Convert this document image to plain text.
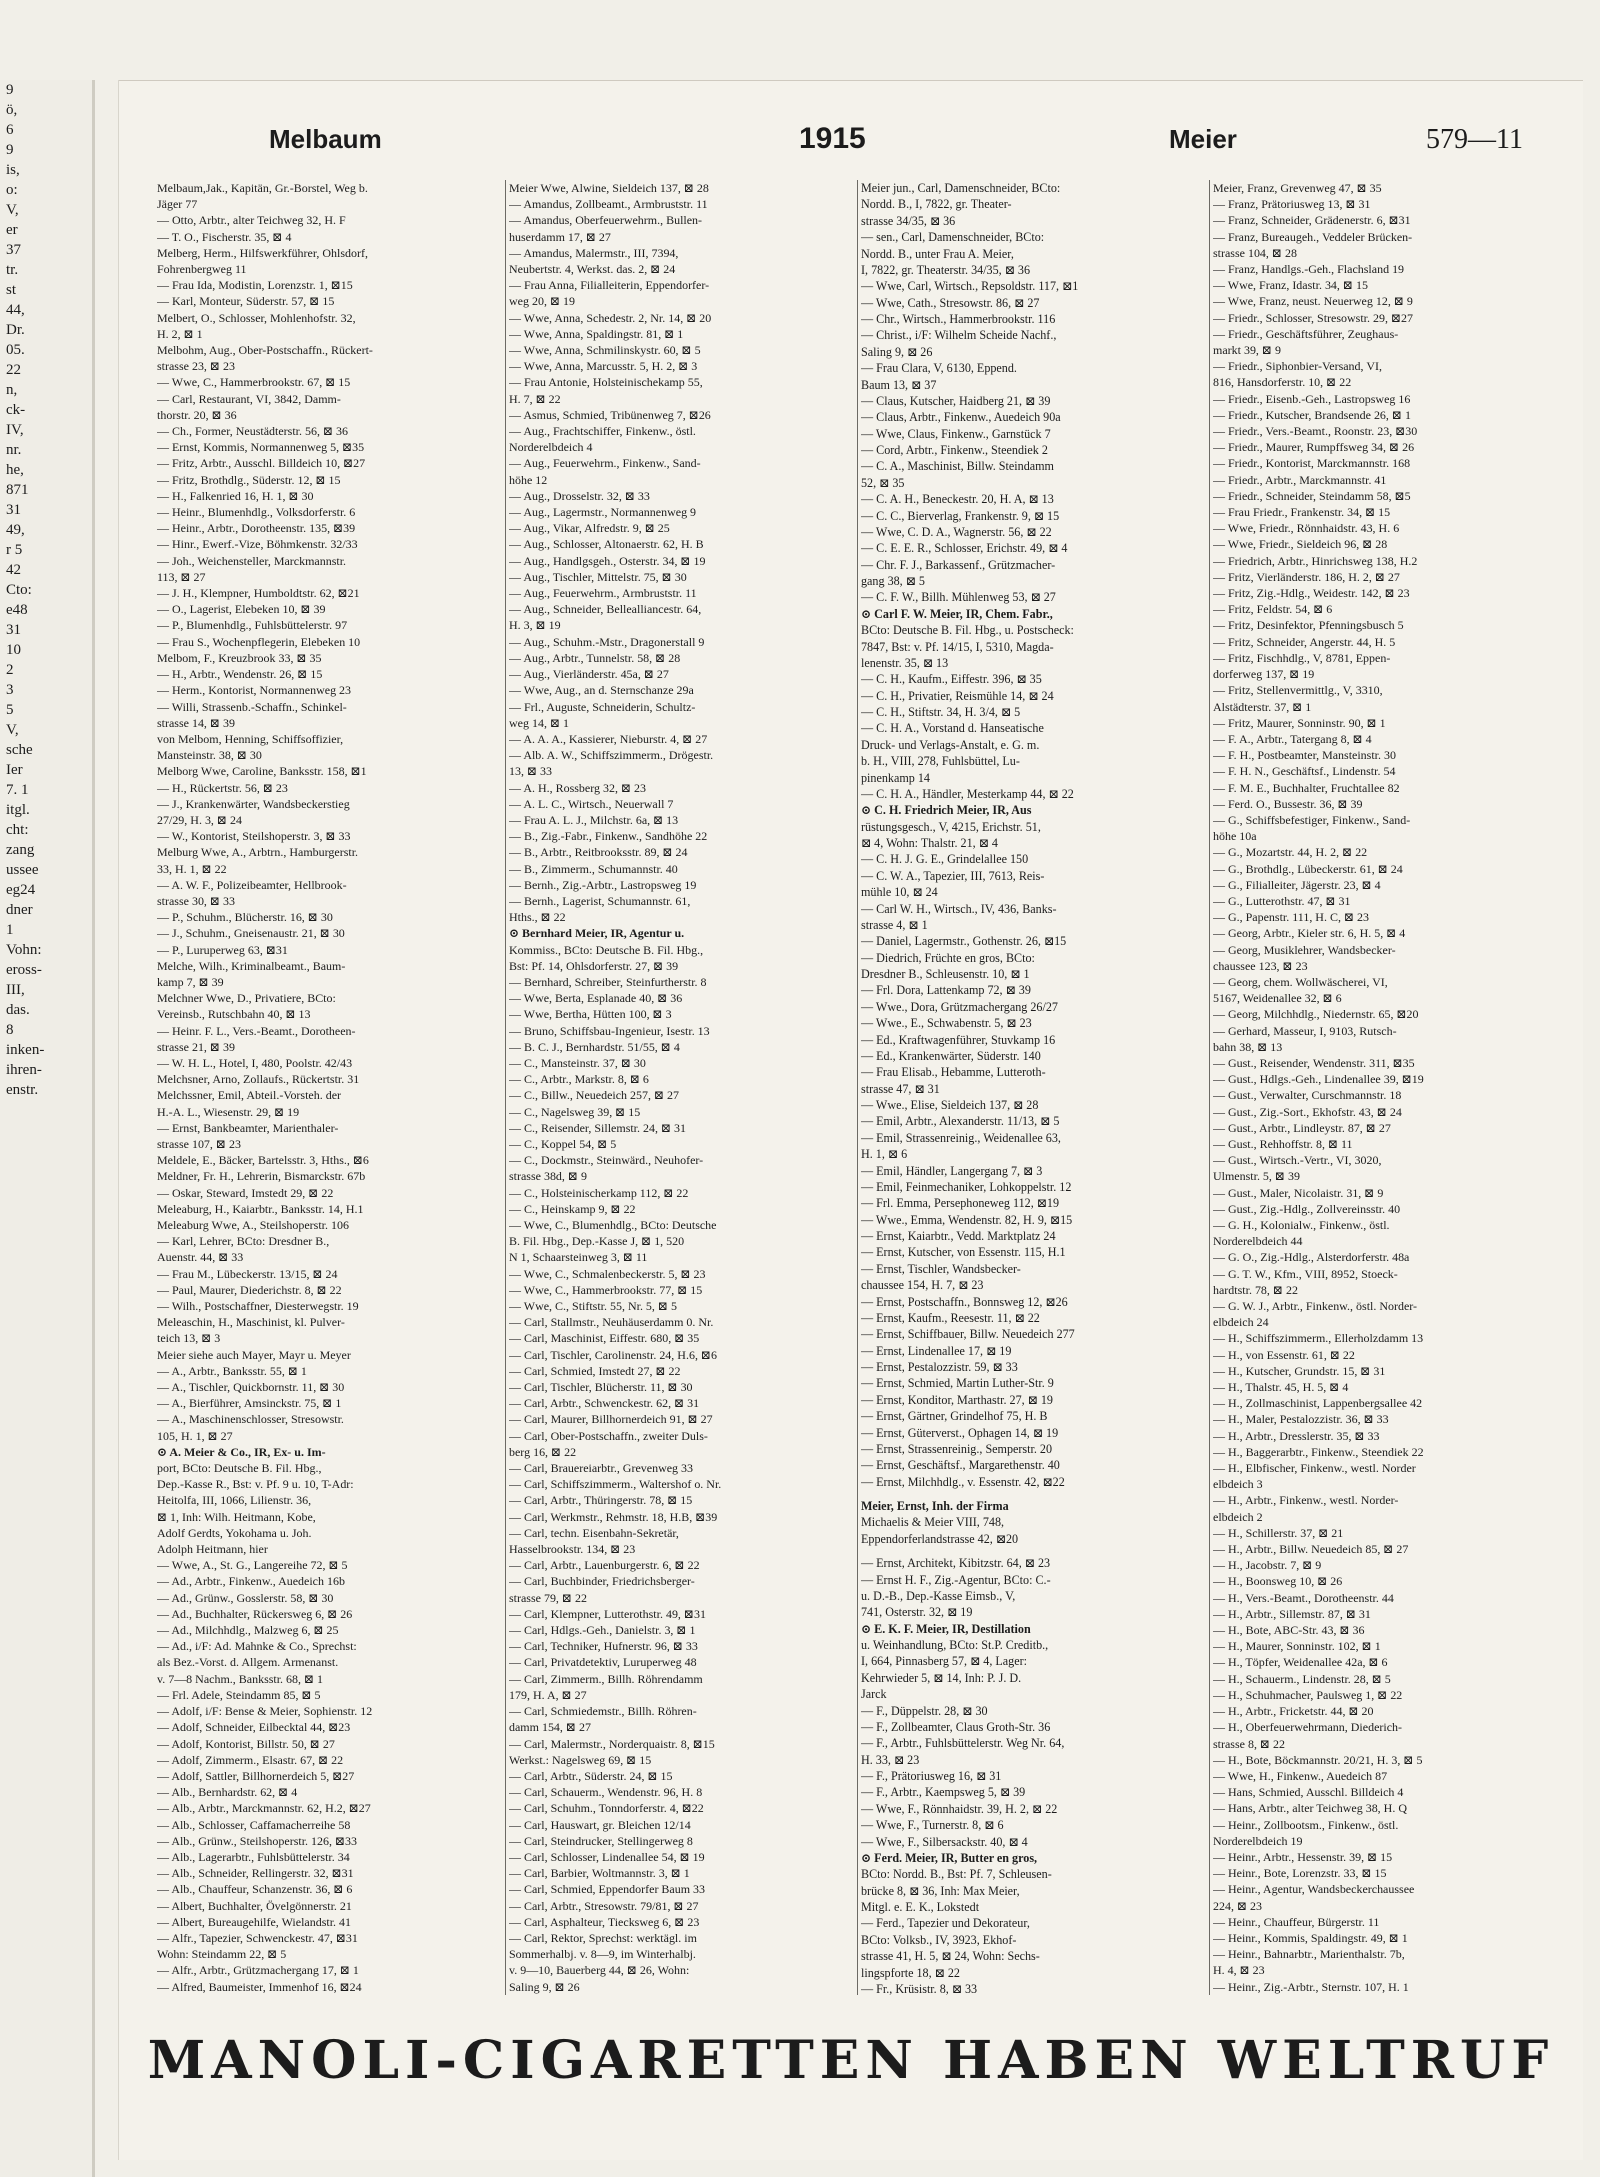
9
ö,
6
9
is,
o:
V,
er
37
tr.
st
44,
Dr.
05.
22
n,
ck-
IV,
nr.
he,
871
31
49,
r 5
42
Cto:
e48
31
10
2
3
5
V,
sche
Ier
7. 1
itgl.
cht:
zang
ussee
eg24
dner
1
Vohn:
eross-
III,
das.
8
inken-
ihren-
enstr.
Melbaum	1915	Meier	579—11
Melbaum,Jak., Kapitän, Gr.-Borstel, Weg b.
Jäger 77
— Otto, Arbtr., alter Teichweg 32, H. F
— T. O., Fischerstr. 35, ⊠ 4
Melberg, Herm., Hilfswerkführer, Ohlsdorf,
Fohrenbergweg 11
— Frau Ida, Modistin, Lorenzstr. 1, ⊠15
— Karl, Monteur, Süderstr. 57, ⊠ 15
Melbert, O., Schlosser, Mohlenhofstr. 32,
H. 2, ⊠ 1
Melbohm, Aug., Ober-Postschaffn., Rückert-
strasse 23, ⊠ 23
— Wwe, C., Hammerbrookstr. 67, ⊠ 15
— Carl, Restaurant, VI, 3842, Damm-
thorstr. 20, ⊠ 36
— Ch., Former, Neustädterstr. 56, ⊠ 36
— Ernst, Kommis, Normannenweg 5, ⊠35
— Fritz, Arbtr., Ausschl. Billdeich 10, ⊠27
— Fritz, Brothdlg., Süderstr. 12, ⊠ 15
— H., Falkenried 16, H. 1, ⊠ 30
— Heinr., Blumenhdlg., Volksdorferstr. 6
— Heinr., Arbtr., Dorotheenstr. 135, ⊠39
— Hinr., Ewerf.-Vize, Böhmkenstr. 32/33
— Joh., Weichensteller, Marckmannstr.
113, ⊠ 27
— J. H., Klempner, Humboldtstr. 62, ⊠21
— O., Lagerist, Elebeken 10, ⊠ 39
— P., Blumenhdlg., Fuhlsbüttelerstr. 97
— Frau S., Wochenpflegerin, Elebeken 10
Melbom, F., Kreuzbrook 33, ⊠ 35
— H., Arbtr., Wendenstr. 26, ⊠ 15
— Herm., Kontorist, Normannenweg 23
— Willi, Strassenb.-Schaffn., Schinkel-
strasse 14, ⊠ 39
von Melbom, Henning, Schiffsoffizier,
Mansteinstr. 38, ⊠ 30
Melborg Wwe, Caroline, Banksstr. 158, ⊠1
— H., Rückertstr. 56, ⊠ 23
— J., Krankenwärter, Wandsbeckerstieg
27/29, H. 3, ⊠ 24
— W., Kontorist, Steilshoperstr. 3, ⊠ 33
Melburg Wwe, A., Arbtrn., Hamburgerstr.
33, H. 1, ⊠ 22
— A. W. F., Polizeibeamter, Hellbrook-
strasse 30, ⊠ 33
— P., Schuhm., Blücherstr. 16, ⊠ 30
— J., Schuhm., Gneisenaustr. 21, ⊠ 30
— P., Luruperweg 63, ⊠31
Melche, Wilh., Kriminalbeamt., Baum-
kamp 7, ⊠ 39
Melchner Wwe, D., Privatiere, BCto:
Vereinsb., Rutschbahn 40, ⊠ 13
— Heinr. F. L., Vers.-Beamt., Dorotheen-
strasse 21, ⊠ 39
— W. H. L., Hotel, I, 480, Poolstr. 42/43
Melchsner, Arno, Zollaufs., Rückertstr. 31
Melchssner, Emil, Abteil.-Vorsteh. der
H.-A. L., Wiesenstr. 29, ⊠ 19
— Ernst, Bankbeamter, Marienthaler-
strasse 107, ⊠ 23
Meldele, E., Bäcker, Bartelsstr. 3, Hths., ⊠6
Meldner, Fr. H., Lehrerin, Bismarckstr. 67b
— Oskar, Steward, Imstedt 29, ⊠ 22
Meleaburg, H., Kaiarbtr., Banksstr. 14, H.1
Meleaburg Wwe, A., Steilshoperstr. 106
— Karl, Lehrer, BCto: Dresdner B.,
Auenstr. 44, ⊠ 33
— Frau M., Lübeckerstr. 13/15, ⊠ 24
— Paul, Maurer, Diederichstr. 8, ⊠ 22
— Wilh., Postschaffner, Diesterwegstr. 19
Meleaschin, H., Maschinist, kl. Pulver-
teich 13, ⊠ 3
Meier siehe auch Mayer, Mayr u. Meyer
— A., Arbtr., Banksstr. 55, ⊠ 1
— A., Tischler, Quickbornstr. 11, ⊠ 30
— A., Bierführer, Amsinckstr. 75, ⊠ 1
— A., Maschinenschlosser, Stresowstr.
105, H. 1, ⊠ 27
⊙ A. Meier & Co., IR, Ex- u. Im-
port, BCto: Deutsche B. Fil. Hbg.,
Dep.-Kasse R., Bst: v. Pf. 9 u. 10, T-Adr:
Heitolfa, III, 1066, Lilienstr. 36,
⊠ 1, Inh: Wilh. Heitmann, Kobe,
Adolf Gerdts, Yokohama u. Joh.
Adolph Heitmann, hier
— Wwe, A., St. G., Langereihe 72, ⊠ 5
— Ad., Arbtr., Finkenw., Auedeich 16b
— Ad., Grünw., Gosslerstr. 58, ⊠ 30
— Ad., Buchhalter, Rückersweg 6, ⊠ 26
— Ad., Milchhdlg., Malzweg 6, ⊠ 25
— Ad., i/F: Ad. Mahnke & Co., Sprechst:
als Bez.-Vorst. d. Allgem. Armenanst.
v. 7—8 Nachm., Banksstr. 68, ⊠ 1
— Frl. Adele, Steindamm 85, ⊠ 5
— Adolf, i/F: Bense & Meier, Sophienstr. 12
— Adolf, Schneider, Eilbecktal 44, ⊠23
— Adolf, Kontorist, Billstr. 50, ⊠ 27
— Adolf, Zimmerm., Elsastr. 67, ⊠ 22
— Adolf, Sattler, Billhornerdeich 5, ⊠27
— Alb., Bernhardstr. 62, ⊠ 4
— Alb., Arbtr., Marckmannstr. 62, H.2, ⊠27
— Alb., Schlosser, Caffamacherreihe 58
— Alb., Grünw., Steilshoperstr. 126, ⊠33
— Alb., Lagerarbtr., Fuhlsbüttelerstr. 34
— Alb., Schneider, Rellingerstr. 32, ⊠31
— Alb., Chauffeur, Schanzenstr. 36, ⊠ 6
— Albert, Buchhalter, Övelgönnerstr. 21
— Albert, Bureaugehilfe, Wielandstr. 41
— Alfr., Tapezier, Schwenckestr. 47, ⊠31
Wohn: Steindamm 22, ⊠ 5
— Alfr., Arbtr., Grützmachergang 17, ⊠ 1
— Alfred, Baumeister, Immenhof 16, ⊠24
Meier Wwe, Alwine, Sieldeich 137, ⊠ 28
— Amandus, Zollbeamt., Armbruststr. 11
— Amandus, Oberfeuerwehrm., Bullen-
huserdamm 17, ⊠ 27
— Amandus, Malermstr., III, 7394,
Neubertstr. 4, Werkst. das. 2, ⊠ 24
— Frau Anna, Filialleiterin, Eppendorfer-
weg 20, ⊠ 19
— Wwe, Anna, Schedestr. 2, Nr. 14, ⊠ 20
— Wwe, Anna, Spaldingstr. 81, ⊠ 1
— Wwe, Anna, Schmilinskystr. 60, ⊠ 5
— Wwe, Anna, Marcusstr. 5, H. 2, ⊠ 3
— Frau Antonie, Holsteinischekamp 55,
H. 7, ⊠ 22
— Asmus, Schmied, Tribünenweg 7, ⊠26
— Aug., Frachtschiffer, Finkenw., östl.
Norderelbdeich 4
— Aug., Feuerwehrm., Finkenw., Sand-
höhe 12
— Aug., Drosselstr. 32, ⊠ 33
— Aug., Lagermstr., Normannenweg 9
— Aug., Vikar, Alfredstr. 9, ⊠ 25
— Aug., Schlosser, Altonaerstr. 62, H. B
— Aug., Handlgsgeh., Osterstr. 34, ⊠ 19
— Aug., Tischler, Mittelstr. 75, ⊠ 30
— Aug., Feuerwehrm., Armbruststr. 11
— Aug., Schneider, Bellealliancestr. 64,
H. 3, ⊠ 19
— Aug., Schuhm.-Mstr., Dragonerstall 9
— Aug., Arbtr., Tunnelstr. 58, ⊠ 28
— Aug., Vierländerstr. 45a, ⊠ 27
— Wwe, Aug., an d. Sternschanze 29a
— Frl., Auguste, Schneiderin, Schultz-
weg 14, ⊠ 1
— A. A. A., Kassierer, Nieburstr. 4, ⊠ 27
— Alb. A. W., Schiffszimmerm., Drögestr.
13, ⊠ 33
— A. H., Rossberg 32, ⊠ 23
— A. L. C., Wirtsch., Neuerwall 7
— Frau A. L. J., Milchstr. 6a, ⊠ 13
— B., Zig.-Fabr., Finkenw., Sandhöhe 22
— B., Arbtr., Reitbrooksstr. 89, ⊠ 24
— B., Zimmerm., Schumannstr. 40
— Bernh., Zig.-Arbtr., Lastropsweg 19
— Bernh., Lagerist, Schumannstr. 61,
Hths., ⊠ 22
⊙ Bernhard Meier, IR, Agentur u.
Kommiss., BCto: Deutsche B. Fil. Hbg.,
Bst: Pf. 14, Ohlsdorferstr. 27, ⊠ 39
— Bernhard, Schreiber, Steinfurtherstr. 8
— Wwe, Berta, Esplanade 40, ⊠ 36
— Wwe, Bertha, Hütten 100, ⊠ 3
— Bruno, Schiffsbau-Ingenieur, Isestr. 13
— B. C. J., Bernhardstr. 51/55, ⊠ 4
— C., Mansteinstr. 37, ⊠ 30
— C., Arbtr., Markstr. 8, ⊠ 6
— C., Billw., Neuedeich 257, ⊠ 27
— C., Nagelsweg 39, ⊠ 15
— C., Reisender, Sillemstr. 24, ⊠ 31
— C., Koppel 54, ⊠ 5
— C., Dockmstr., Steinwärd., Neuhofer-
strasse 38d, ⊠ 9
— C., Holsteinischerkamp 112, ⊠ 22
— C., Heinskamp 9, ⊠ 22
— Wwe, C., Blumenhdlg., BCto: Deutsche
B. Fil. Hbg., Dep.-Kasse J, ⊠ 1, 520
N 1, Schaarsteinweg 3, ⊠ 11
— Wwe, C., Schmalenbeckerstr. 5, ⊠ 23
— Wwe, C., Hammerbrookstr. 77, ⊠ 15
— Wwe, C., Stiftstr. 55, Nr. 5, ⊠ 5
— Carl, Stallmstr., Neuhäuserdamm 0. Nr.
— Carl, Maschinist, Eiffestr. 680, ⊠ 35
— Carl, Tischler, Carolinenstr. 24, H.6, ⊠6
— Carl, Schmied, Imstedt 27, ⊠ 22
— Carl, Tischler, Blücherstr. 11, ⊠ 30
— Carl, Arbtr., Schwenckestr. 62, ⊠ 31
— Carl, Maurer, Billhornerdeich 91, ⊠ 27
— Carl, Ober-Postschaffn., zweiter Duls-
berg 16, ⊠ 22
— Carl, Brauereiarbtr., Grevenweg 33
— Carl, Schiffszimmerm., Waltershof o. Nr.
— Carl, Arbtr., Thüringerstr. 78, ⊠ 15
— Carl, Werkmstr., Rehmstr. 18, H.B, ⊠39
— Carl, techn. Eisenbahn-Sekretär,
Hasselbrookstr. 134, ⊠ 23
— Carl, Arbtr., Lauenburgerstr. 6, ⊠ 22
— Carl, Buchbinder, Friedrichsberger-
strasse 79, ⊠ 22
— Carl, Klempner, Lutterothstr. 49, ⊠31
— Carl, Hdlgs.-Geh., Danielstr. 3, ⊠ 1
— Carl, Techniker, Hufnerstr. 96, ⊠ 33
— Carl, Privatdetektiv, Luruperweg 48
— Carl, Zimmerm., Billh. Röhrendamm
179, H. A, ⊠ 27
— Carl, Schmiedemstr., Billh. Röhren-
damm 154, ⊠ 27
— Carl, Malermstr., Norderquaistr. 8, ⊠15
Werkst.: Nagelsweg 69, ⊠ 15
— Carl, Arbtr., Süderstr. 24, ⊠ 15
— Carl, Schauerm., Wendenstr. 96, H. 8
— Carl, Schuhm., Tonndorferstr. 4, ⊠22
— Carl, Hauswart, gr. Bleichen 12/14
— Carl, Steindrucker, Stellingerweg 8
— Carl, Schlosser, Lindenallee 54, ⊠ 19
— Carl, Barbier, Woltmannstr. 3, ⊠ 1
— Carl, Schmied, Eppendorfer Baum 33
— Carl, Arbtr., Stresowstr. 79/81, ⊠ 27
— Carl, Asphalteur, Tiecksweg 6, ⊠ 23
— Carl, Rektor, Sprechst: werktägl. im
Sommerhalbj. v. 8—9, im Winterhalbj.
v. 9—10, Bauerberg 44, ⊠ 26, Wohn:
Saling 9, ⊠ 26
Meier jun., Carl, Damenschneider, BCto:
Nordd. B., I, 7822, gr. Theater-
strasse 34/35, ⊠ 36
— sen., Carl, Damenschneider, BCto:
Nordd. B., unter Frau A. Meier,
I, 7822, gr. Theaterstr. 34/35, ⊠ 36
— Wwe, Carl, Wirtsch., Repsoldstr. 117, ⊠1
— Wwe, Cath., Stresowstr. 86, ⊠ 27
— Chr., Wirtsch., Hammerbrookstr. 116
— Christ., i/F: Wilhelm Scheide Nachf.,
Saling 9, ⊠ 26
— Frau Clara, V, 6130, Eppend.
Baum 13, ⊠ 37
— Claus, Kutscher, Haidberg 21, ⊠ 39
— Claus, Arbtr., Finkenw., Auedeich 90a
— Wwe, Claus, Finkenw., Garnstück 7
— Cord, Arbtr., Finkenw., Steendiek 2
— C. A., Maschinist, Billw. Steindamm
52, ⊠ 35
— C. A. H., Beneckestr. 20, H. A, ⊠ 13
— C. C., Bierverlag, Frankenstr. 9, ⊠ 15
— Wwe, C. D. A., Wagnerstr. 56, ⊠ 22
— C. E. E. R., Schlosser, Erichstr. 49, ⊠ 4
— Chr. F. J., Barkassenf., Grützmacher-
gang 38, ⊠ 5
— C. F. W., Billh. Mühlenweg 53, ⊠ 27
⊙ Carl F. W. Meier, IR, Chem. Fabr.,
BCto: Deutsche B. Fil. Hbg., u. Postscheck:
7847, Bst: v. Pf. 14/15, I, 5310, Magda-
lenenstr. 35, ⊠ 13
— C. H., Kaufm., Eiffestr. 396, ⊠ 35
— C. H., Privatier, Reismühle 14, ⊠ 24
— C. H., Stiftstr. 34, H. 3/4, ⊠ 5
— C. H. A., Vorstand d. Hanseatische
Druck- und Verlags-Anstalt, e. G. m.
b. H., VIII, 278, Fuhlsbüttel, Lu-
pinenkamp 14
— C. H. A., Händler, Mesterkamp 44, ⊠ 22
⊙ C. H. Friedrich Meier, IR, Aus
rüstungsgesch., V, 4215, Erichstr. 51,
⊠ 4, Wohn: Thalstr. 21, ⊠ 4
— C. H. J. G. E., Grindelallee 150
— C. W. A., Tapezier, III, 7613, Reis-
mühle 10, ⊠ 24
— Carl W. H., Wirtsch., IV, 436, Banks-
strasse 4, ⊠ 1
— Daniel, Lagermstr., Gothenstr. 26, ⊠15
— Diedrich, Früchte en gros, BCto:
Dresdner B., Schleusenstr. 10, ⊠ 1
— Frl. Dora, Lattenkamp 72, ⊠ 39
— Wwe., Dora, Grützmachergang 26/27
— Wwe., E., Schwabenstr. 5, ⊠ 23
— Ed., Kraftwagenführer, Stuvkamp 16
— Ed., Krankenwärter, Süderstr. 140
— Frau Elisab., Hebamme, Lutteroth-
strasse 47, ⊠ 31
— Wwe., Elise, Sieldeich 137, ⊠ 28
— Emil, Arbtr., Alexanderstr. 11/13, ⊠ 5
— Emil, Strassenreinig., Weidenallee 63,
H. 1, ⊠ 6
— Emil, Händler, Langergang 7, ⊠ 3
— Emil, Feinmechaniker, Lohkoppelstr. 12
— Frl. Emma, Persephoneweg 112, ⊠19
— Wwe., Emma, Wendenstr. 82, H. 9, ⊠15
— Ernst, Kaiarbtr., Vedd. Marktplatz 24
— Ernst, Kutscher, von Essenstr. 115, H.1
— Ernst, Tischler, Wandsbecker-
chaussee 154, H. 7, ⊠ 23
— Ernst, Postschaffn., Bonnsweg 12, ⊠26
— Ernst, Kaufm., Reesestr. 11, ⊠ 22
— Ernst, Schiffbauer, Billw. Neuedeich 277
— Ernst, Lindenallee 17, ⊠ 19
— Ernst, Pestalozzistr. 59, ⊠ 33
— Ernst, Schmied, Martin Luther-Str. 9
— Ernst, Konditor, Marthastr. 27, ⊠ 19
— Ernst, Gärtner, Grindelhof 75, H. B
— Ernst, Güterverst., Ophagen 14, ⊠ 19
— Ernst, Strassenreinig., Semperstr. 20
— Ernst, Geschäftsf., Margarethenstr. 40
— Ernst, Milchhdlg., v. Essenstr. 42, ⊠22
Meier, Ernst, Inh. der Firma
Michaelis & Meier VIII, 748,
Eppendorferlandstrasse 42, ⊠20
— Ernst, Architekt, Kibitzstr. 64, ⊠ 23
— Ernst H. F., Zig.-Agentur, BCto: C.-
u. D.-B., Dep.-Kasse Eimsb., V,
741, Osterstr. 32, ⊠ 19
⊙ E. K. F. Meier, IR, Destillation
u. Weinhandlung, BCto: St.P. Creditb.,
I, 664, Pinnasberg 57, ⊠ 4, Lager:
Kehrwieder 5, ⊠ 14, Inh: P. J. D.
Jarck
— F., Düppelstr. 28, ⊠ 30
— F., Zollbeamter, Claus Groth-Str. 36
— F., Arbtr., Fuhlsbüttelerstr. Weg Nr. 64,
H. 33, ⊠ 23
— F., Prätoriusweg 16, ⊠ 31
— F., Arbtr., Kaempsweg 5, ⊠ 39
— Wwe, F., Rönnhaidstr. 39, H. 2, ⊠ 22
— Wwe, F., Turnerstr. 8, ⊠ 6
— Wwe, F., Silbersackstr. 40, ⊠ 4
⊙ Ferd. Meier, IR, Butter en gros,
BCto: Nordd. B., Bst: Pf. 7, Schleusen-
brücke 8, ⊠ 36, Inh: Max Meier,
Mitgl. e. E. K., Lokstedt
— Ferd., Tapezier und Dekorateur,
BCto: Volksb., IV, 3923, Ekhof-
strasse 41, H. 5, ⊠ 24, Wohn: Sechs-
lingspforte 18, ⊠ 22
— Fr., Krüsistr. 8, ⊠ 33
Meier, Franz, Grevenweg 47, ⊠ 35
— Franz, Prätoriusweg 13, ⊠ 31
— Franz, Schneider, Grädenerstr. 6, ⊠31
— Franz, Bureaugeh., Veddeler Brücken-
strasse 104, ⊠ 28
— Franz, Handlgs.-Geh., Flachsland 19
— Wwe, Franz, Idastr. 34, ⊠ 15
— Wwe, Franz, neust. Neuerweg 12, ⊠ 9
— Friedr., Schlosser, Stresowstr. 29, ⊠27
— Friedr., Geschäftsführer, Zeughaus-
markt 39, ⊠ 9
— Friedr., Siphonbier-Versand, VI,
816, Hansdorferstr. 10, ⊠ 22
— Friedr., Eisenb.-Geh., Lastropsweg 16
— Friedr., Kutscher, Brandsende 26, ⊠ 1
— Friedr., Vers.-Beamt., Roonstr. 23, ⊠30
— Friedr., Maurer, Rumpffsweg 34, ⊠ 26
— Friedr., Kontorist, Marckmannstr. 168
— Friedr., Arbtr., Marckmannstr. 41
— Friedr., Schneider, Steindamm 58, ⊠5
— Frau Friedr., Frankenstr. 34, ⊠ 15
— Wwe, Friedr., Rönnhaidstr. 43, H. 6
— Wwe, Friedr., Sieldeich 96, ⊠ 28
— Friedrich, Arbtr., Hinrichsweg 138, H.2
— Fritz, Vierländerstr. 186, H. 2, ⊠ 27
— Fritz, Zig.-Hdlg., Weidestr. 142, ⊠ 23
— Fritz, Feldstr. 54, ⊠ 6
— Fritz, Desinfektor, Pfenningsbusch 5
— Fritz, Schneider, Angerstr. 44, H. 5
— Fritz, Fischhdlg., V, 8781, Eppen-
dorferweg 137, ⊠ 19
— Fritz, Stellenvermittlg., V, 3310,
Alstädterstr. 37, ⊠ 1
— Fritz, Maurer, Sonninstr. 90, ⊠ 1
— F. A., Arbtr., Tatergang 8, ⊠ 4
— F. H., Postbeamter, Mansteinstr. 30
— F. H. N., Geschäftsf., Lindenstr. 54
— F. M. E., Buchhalter, Fruchtallee 82
— Ferd. O., Bussestr. 36, ⊠ 39
— G., Schiffsbefestiger, Finkenw., Sand-
höhe 10a
— G., Mozartstr. 44, H. 2, ⊠ 22
— G., Brothdlg., Lübeckerstr. 61, ⊠ 24
— G., Filialleiter, Jägerstr. 23, ⊠ 4
— G., Lutterothstr. 47, ⊠ 31
— G., Papenstr. 111, H. C, ⊠ 23
— Georg, Arbtr., Kieler str. 6, H. 5, ⊠ 4
— Georg, Musiklehrer, Wandsbecker-
chaussee 123, ⊠ 23
— Georg, chem. Wollwäscherei, VI,
5167, Weidenallee 32, ⊠ 6
— Georg, Milchhdlg., Niedernstr. 65, ⊠20
— Gerhard, Masseur, I, 9103, Rutsch-
bahn 38, ⊠ 13
— Gust., Reisender, Wendenstr. 311, ⊠35
— Gust., Hdlgs.-Geh., Lindenallee 39, ⊠19
— Gust., Verwalter, Curschmannstr. 18
— Gust., Zig.-Sort., Ekhofstr. 43, ⊠ 24
— Gust., Arbtr., Lindleystr. 87, ⊠ 27
— Gust., Rehhoffstr. 8, ⊠ 11
— Gust., Wirtsch.-Vertr., VI, 3020,
Ulmenstr. 5, ⊠ 39
— Gust., Maler, Nicolaistr. 31, ⊠ 9
— Gust., Zig.-Hdlg., Zollvereinsstr. 40
— G. H., Kolonialw., Finkenw., östl.
Norderelbdeich 44
— G. O., Zig.-Hdlg., Alsterdorferstr. 48a
— G. T. W., Kfm., VIII, 8952, Stoeck-
hardtstr. 78, ⊠ 22
— G. W. J., Arbtr., Finkenw., östl. Norder-
elbdeich 24
— H., Schiffszimmerm., Ellerholzdamm 13
— H., von Essenstr. 61, ⊠ 22
— H., Kutscher, Grundstr. 15, ⊠ 31
— H., Thalstr. 45, H. 5, ⊠ 4
— H., Zollmaschinist, Lappenbergsallee 42
— H., Maler, Pestalozzistr. 36, ⊠ 33
— H., Arbtr., Dresslerstr. 35, ⊠ 33
— H., Baggerarbtr., Finkenw., Steendiek 22
— H., Elbfischer, Finkenw., westl. Norder
elbdeich 3
— H., Arbtr., Finkenw., westl. Norder-
elbdeich 2
— H., Schillerstr. 37, ⊠ 21
— H., Arbtr., Billw. Neuedeich 85, ⊠ 27
— H., Jacobstr. 7, ⊠ 9
— H., Boonsweg 10, ⊠ 26
— H., Vers.-Beamt., Dorotheenstr. 44
— H., Arbtr., Sillemstr. 87, ⊠ 31
— H., Bote, ABC-Str. 43, ⊠ 36
— H., Maurer, Sonninstr. 102, ⊠ 1
— H., Töpfer, Weidenallee 42a, ⊠ 6
— H., Schauerm., Lindenstr. 28, ⊠ 5
— H., Schuhmacher, Paulsweg 1, ⊠ 22
— H., Arbtr., Fricketstr. 44, ⊠ 20
— H., Oberfeuerwehrmann, Diederich-
strasse 8, ⊠ 22
— H., Bote, Böckmannstr. 20/21, H. 3, ⊠ 5
— Wwe, H., Finkenw., Auedeich 87
— Hans, Schmied, Ausschl. Billdeich 4
— Hans, Arbtr., alter Teichweg 38, H. Q
— Heinr., Zollbootsm., Finkenw., östl.
Norderelbdeich 19
— Heinr., Arbtr., Hessenstr. 39, ⊠ 15
— Heinr., Bote, Lorenzstr. 33, ⊠ 15
— Heinr., Agentur, Wandsbeckerchaussee
224, ⊠ 23
— Heinr., Chauffeur, Bürgerstr. 11
— Heinr., Kommis, Spaldingstr. 49, ⊠ 1
— Heinr., Bahnarbtr., Marienthalstr. 7b,
H. 4, ⊠ 23
— Heinr., Zig.-Arbtr., Sternstr. 107, H. 1
MANOLI-CIGARETTEN HABEN WELTRUF
